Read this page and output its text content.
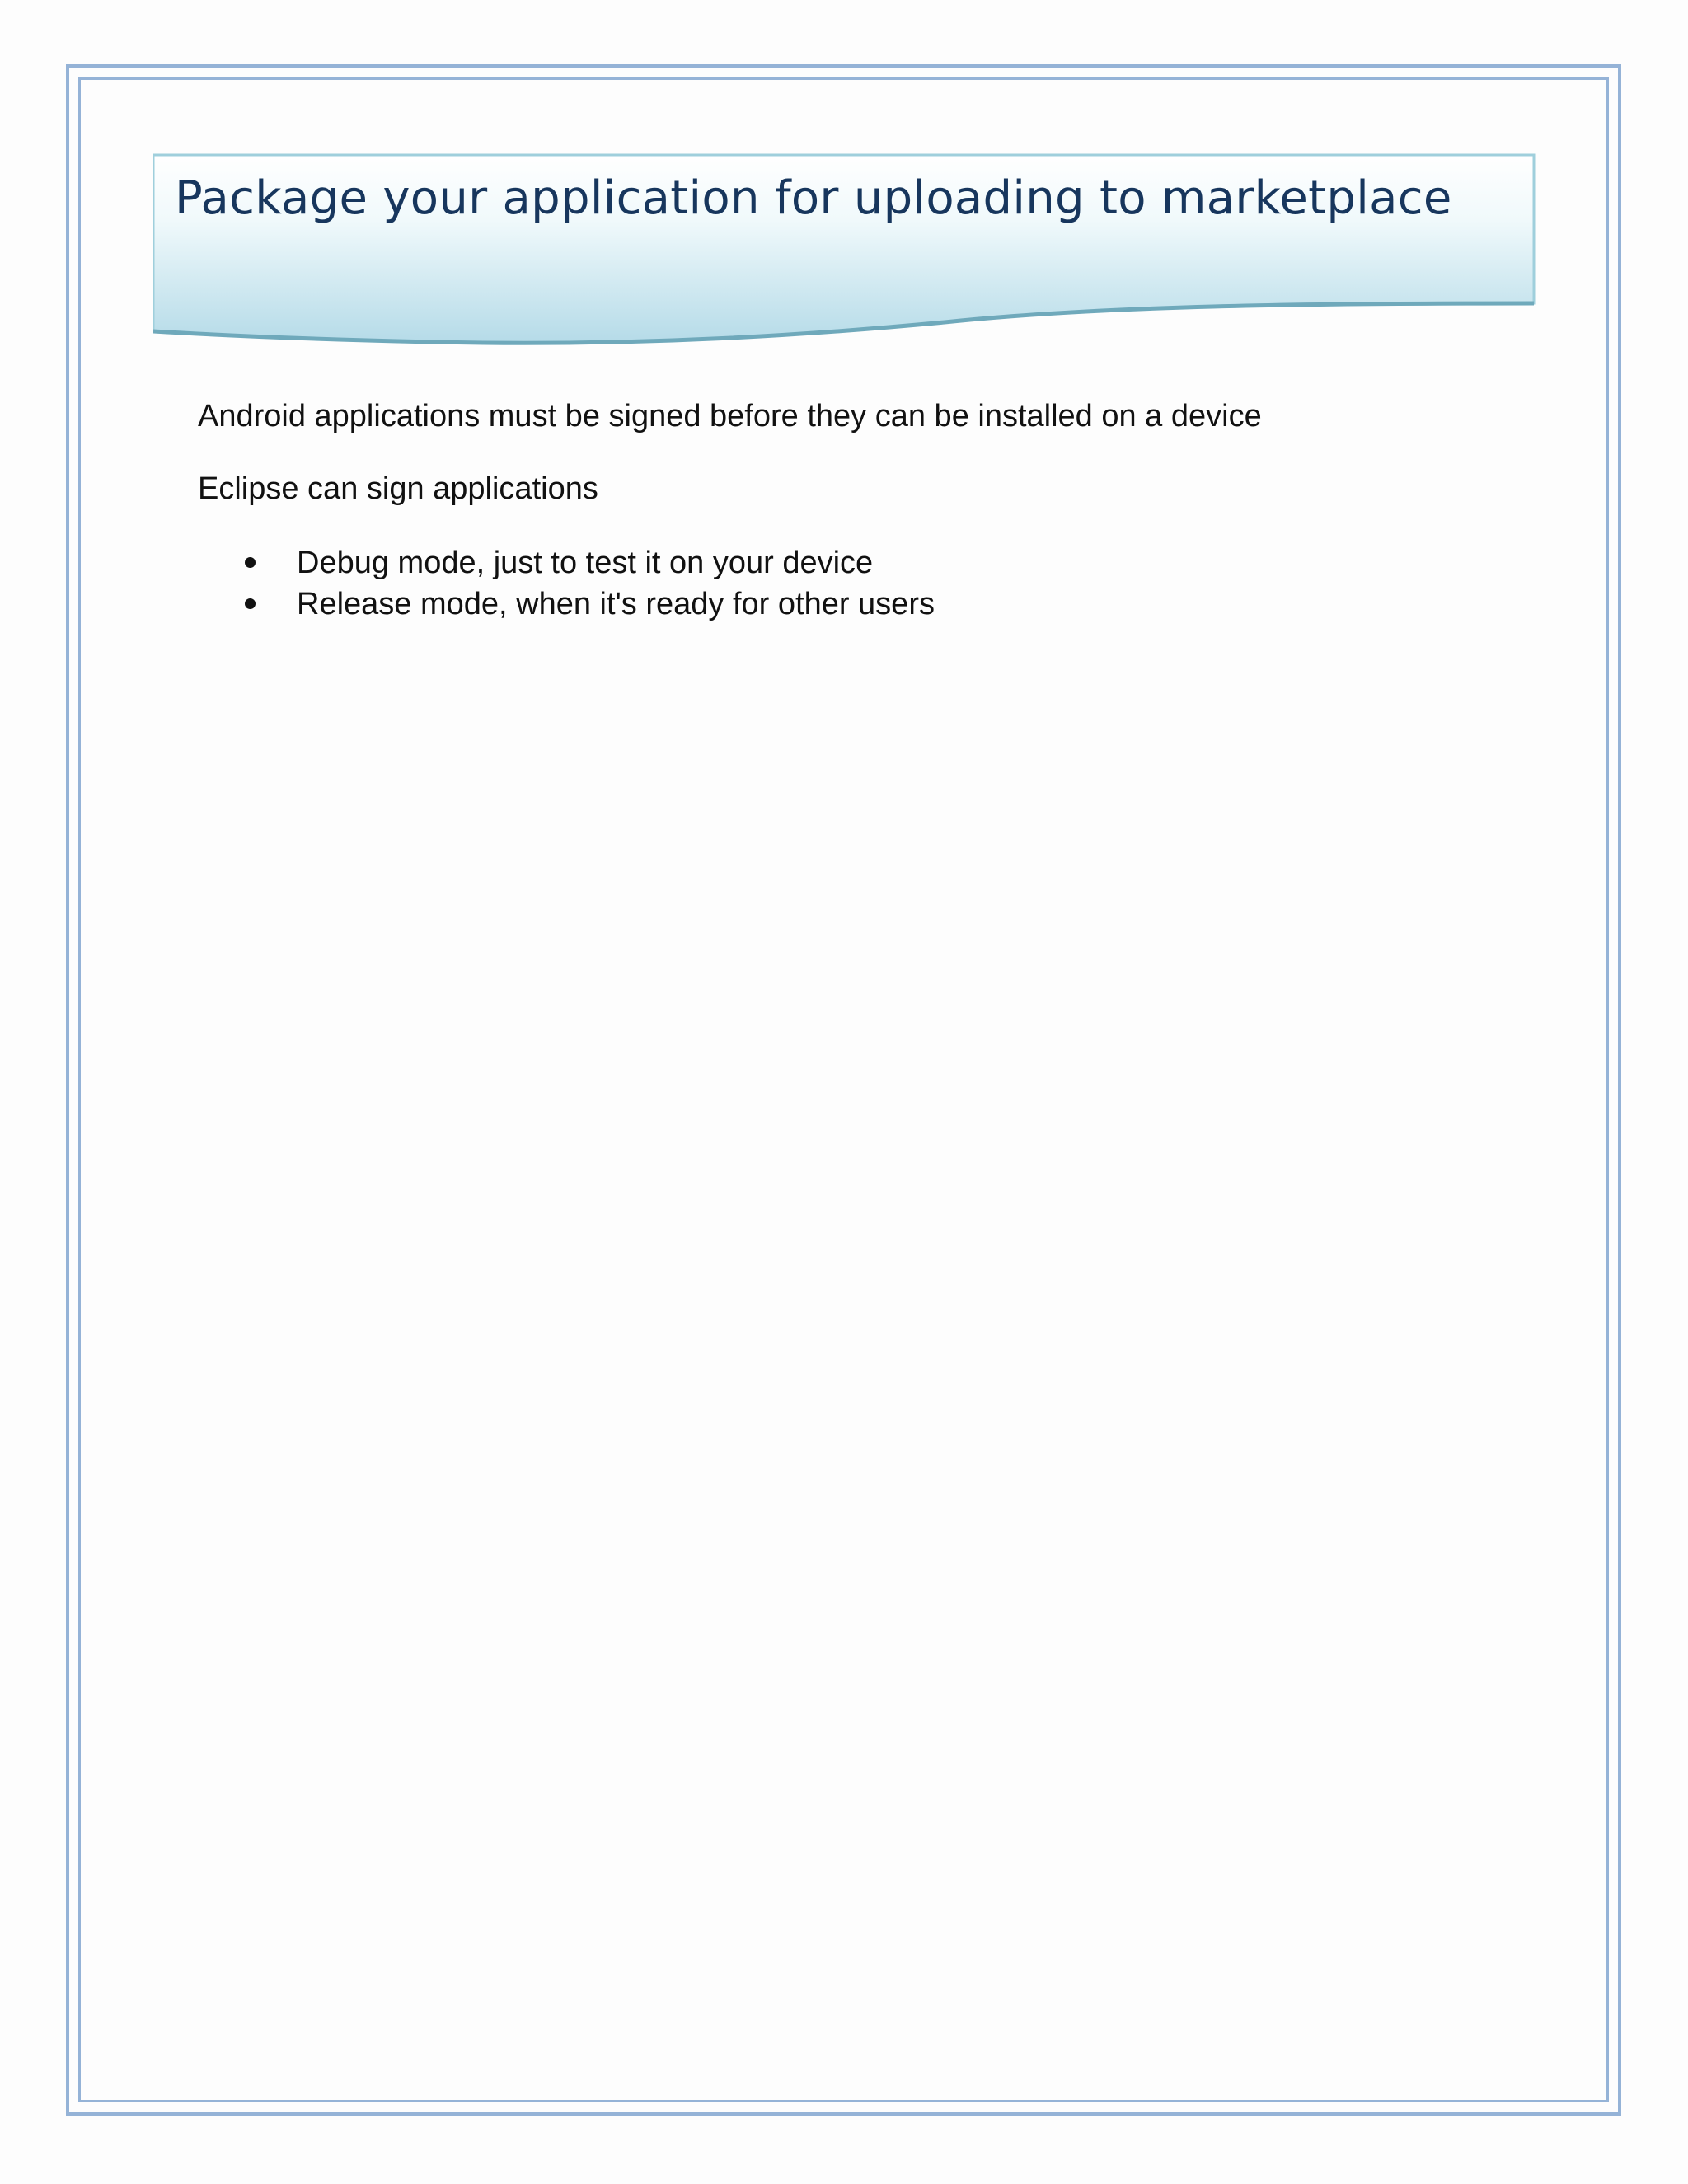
Package your application for uploading to marketplace

Android applications must be signed before they can be installed on a device

Eclipse can sign applications

Debug mode, just to test it on your device
Release mode, when it's ready for other users
